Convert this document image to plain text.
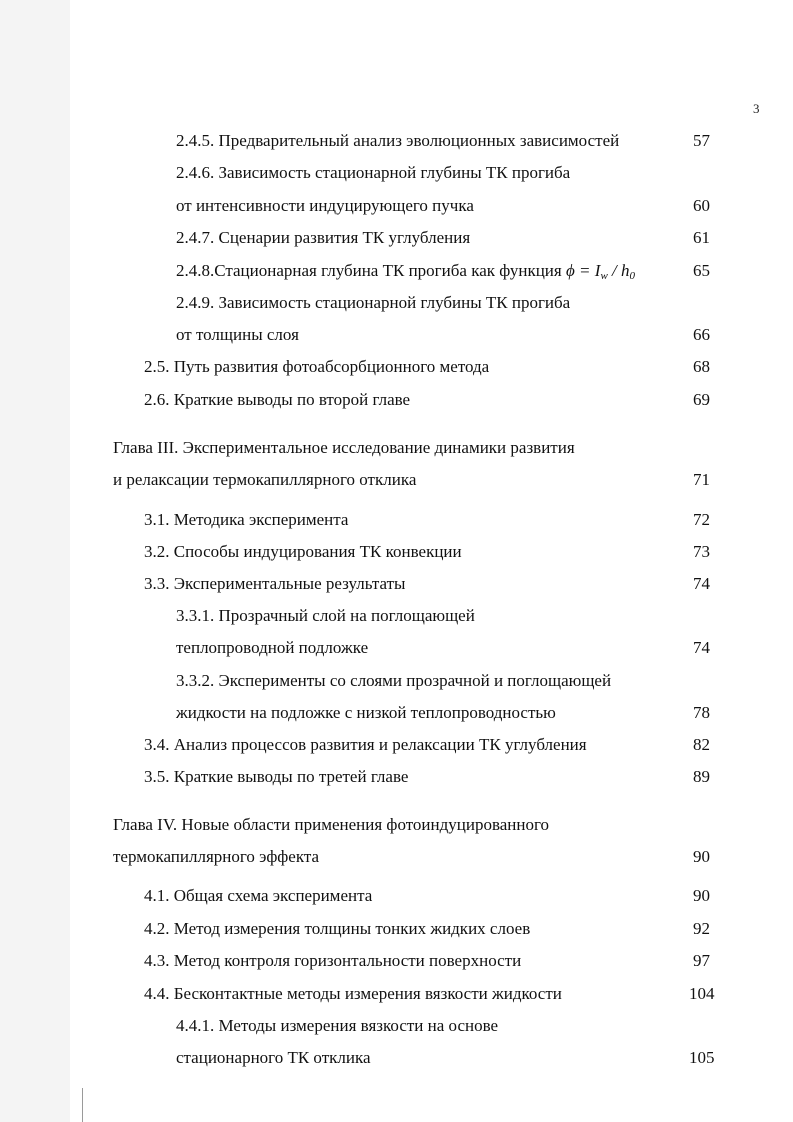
3
2.4.5. Предварительный анализ эволюционных зависимостей	57
2.4.6. Зависимость стационарной глубины ТК прогиба
от интенсивности индуцирующего пучка	60
2.4.7. Сценарии развития ТК углубления	61
2.4.8.Стационарная глубина ТК прогиба как функция $\phi = I_w / h_0$	65
2.4.9. Зависимость стационарной глубины ТК прогиба
от толщины слоя	66
2.5. Путь развития фотоабсорбционного метода	68
2.6. Краткие выводы по второй главе	69
Глава III. Экспериментальное исследование динамики развития
и релаксации термокапиллярного отклика	71
3.1. Методика эксперимента	72
3.2. Способы индуцирования ТК конвекции	73
3.3. Экспериментальные результаты	74
3.3.1. Прозрачный слой на поглощающей
теплопроводной подложке	74
3.3.2. Эксперименты со слоями прозрачной и поглощающей
жидкости на подложке с низкой теплопроводностью	78
3.4. Анализ процессов развития и релаксации ТК углубления	82
3.5. Краткие выводы по третей главе	89
Глава IV. Новые области применения фотоиндуцированного
термокапиллярного эффекта	90
4.1. Общая схема эксперимента	90
4.2. Метод измерения толщины тонких жидких слоев	92
4.3. Метод контроля горизонтальности поверхности	97
4.4. Бесконтактные методы измерения вязкости жидкости	104
4.4.1. Методы измерения вязкости на основе
стационарного ТК отклика	105
